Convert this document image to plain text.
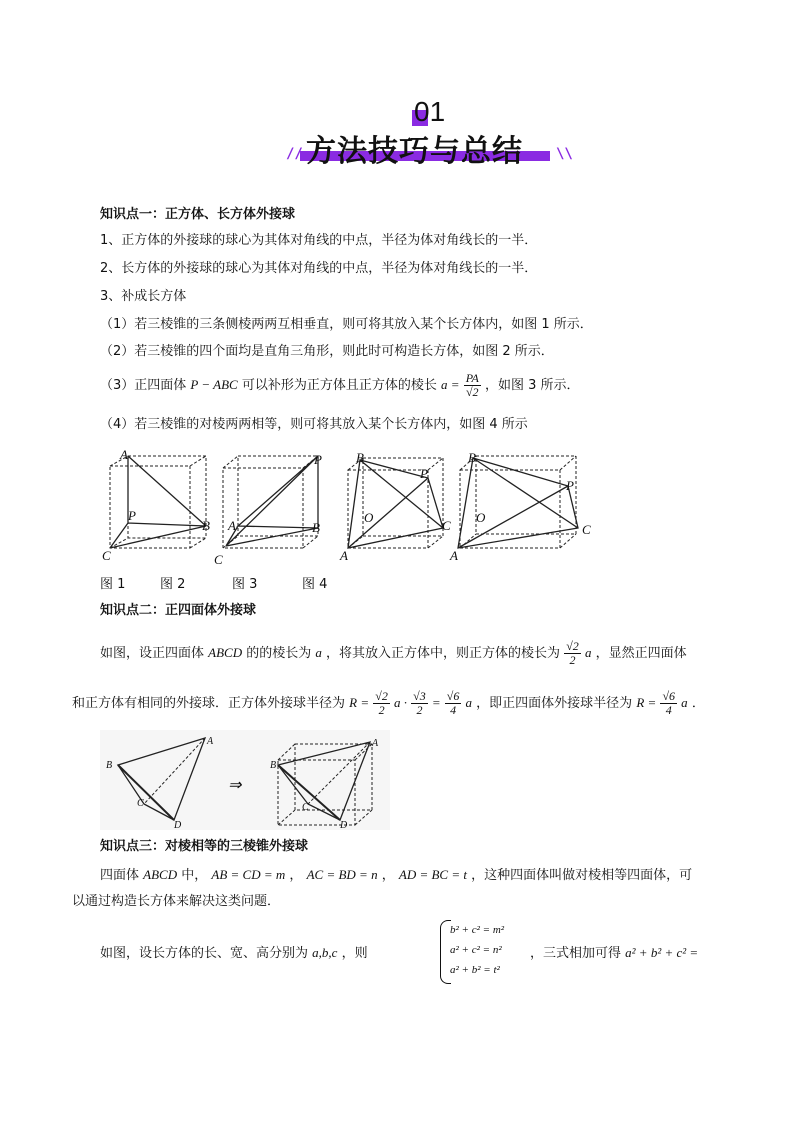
01
// 方法技巧与总结 \\
知识点一：正方体、长方体外接球
1、正方体的外接球的球心为其体对角线的中点，半径为体对角线长的一半．
2、长方体的外接球的球心为其体对角线的中点，半径为体对角线长的一半．
3、补成长方体
（1）若三棱锥的三条侧棱两两互相垂直，则可将其放入某个长方体内，如图 1 所示．
（2）若三棱锥的四个面均是直角三角形，则此时可构造长方体，如图 2 所示．
（3）正四面体 P − ABC 可以补形为正方体且正方体的棱长 $a = \frac{PA}{√2}$ ，如图 3 所示．
（4）若三棱锥的对棱两两相等，则可将其放入某个长方体内，如图 4 所示
A
P
B
C
P
A	B
C
B
P
O
C
A
B
P
O
C
A
图 1	图 2	图 3	图 4
知识点二：正四面体外接球
如图，设正四面体 ABCD 的的棱长为 a ，将其放入正方体中，则正方体的棱长为 $\frac{√2}{2}$ a ，显然正四面体
和正方体有相同的外接球．正方体外接球半径为 $R = \frac{√2}{2}$ $a \cdot \frac{√3}{2} = \frac{√6}{4}$ a ，即正四面体外接球半径为 $R = \frac{√6}{4}$ a ．
A
B
C
D
A
B
C
D
⇒
知识点三：对棱相等的三棱锥外接球
四面体 ABCD 中， AB = CD = m ， AC = BD = n ， AD = BC = t ，这种四面体叫做对棱相等四面体，可
以通过构造长方体来解决这类问题．
如图，设长方体的长、宽、高分别为 a,b,c ，则
b² + c² = m²
a² + c² = n²
a² + b² = t²
，三式相加可得 a² + b² + c² =
